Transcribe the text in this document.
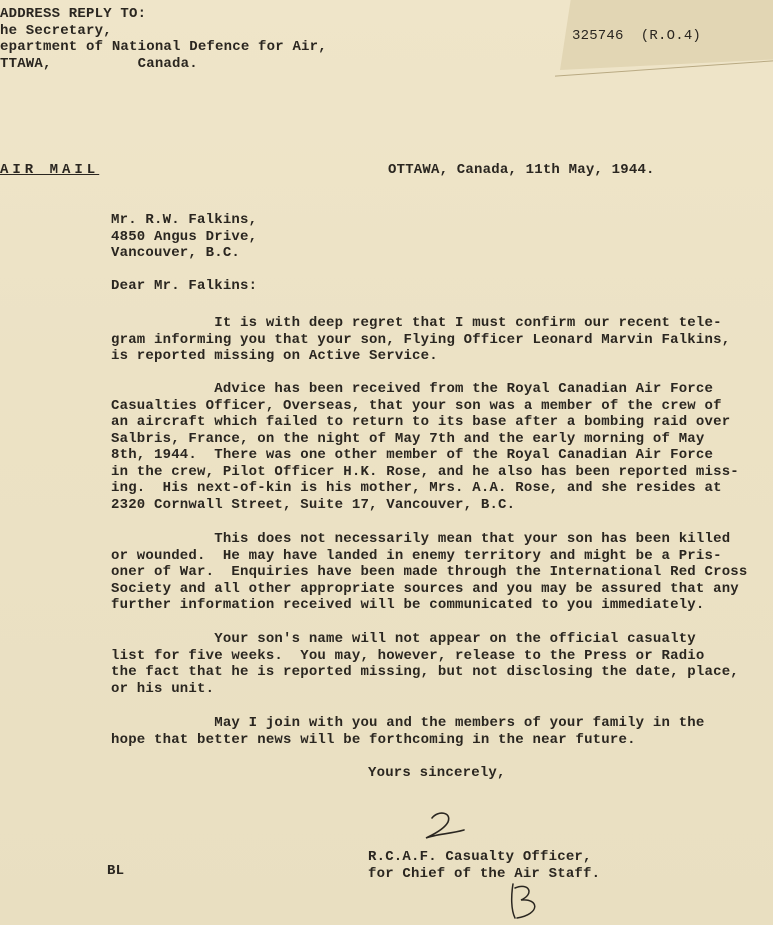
ADDRESS REPLY TO:
he Secretary,
epartment of National Defence for Air,
TTAWA,          Canada.
325746  (R.O.4)
AIR MAIL	OTTAWA, Canada, 11th May, 1944.
Mr. R.W. Falkins,
4850 Angus Drive,
Vancouver, B.C.
Dear Mr. Falkins:
It is with deep regret that I must confirm our recent tele-
gram informing you that your son, Flying Officer Leonard Marvin Falkins,
is reported missing on Active Service.
Advice has been received from the Royal Canadian Air Force
Casualties Officer, Overseas, that your son was a member of the crew of
an aircraft which failed to return to its base after a bombing raid over
Salbris, France, on the night of May 7th and the early morning of May
8th, 1944.  There was one other member of the Royal Canadian Air Force
in the crew, Pilot Officer H.K. Rose, and he also has been reported miss-
ing.  His next-of-kin is his mother, Mrs. A.A. Rose, and she resides at
2320 Cornwall Street, Suite 17, Vancouver, B.C.
This does not necessarily mean that your son has been killed
or wounded.  He may have landed in enemy territory and might be a Pris-
oner of War.  Enquiries have been made through the International Red Cross
Society and all other appropriate sources and you may be assured that any
further information received will be communicated to you immediately.
Your son's name will not appear on the official casualty
list for five weeks.  You may, however, release to the Press or Radio
the fact that he is reported missing, but not disclosing the date, place,
or his unit.
May I join with you and the members of your family in the
hope that better news will be forthcoming in the near future.
Yours sincerely,
R.C.A.F. Casualty Officer,
for Chief of the Air Staff.
BL
